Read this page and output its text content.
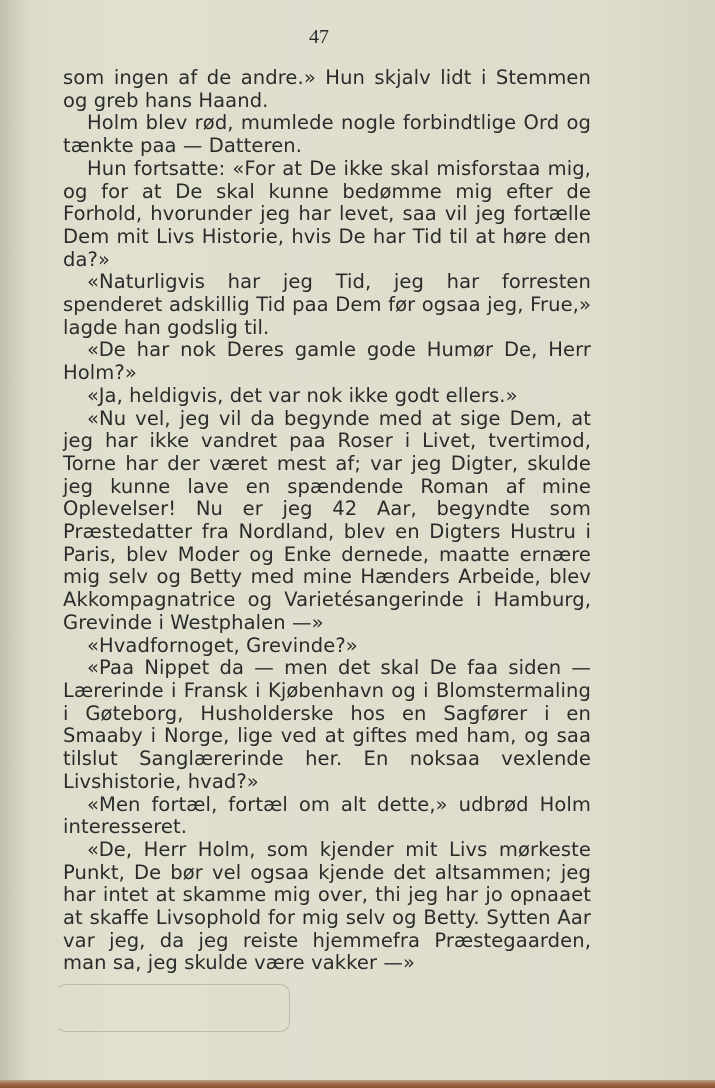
47

som ingen af de andre.» Hun skjalv lidt i Stemmen og greb hans Haand.

Holm blev rød, mumlede nogle forbindtlige Ord og tænkte paa — Datteren.

Hun fortsatte: «For at De ikke skal misforstaa mig, og for at De skal kunne bedømme mig efter de Forhold, hvorunder jeg har levet, saa vil jeg fortælle Dem mit Livs Historie, hvis De har Tid til at høre den da?»

«Naturligvis har jeg Tid, jeg har forresten spenderet adskillig Tid paa Dem før ogsaa jeg, Frue,» lagde han godslig til.

«De har nok Deres gamle gode Humør De, Herr Holm?»

«Ja, heldigvis, det var nok ikke godt ellers.»

«Nu vel, jeg vil da begynde med at sige Dem, at jeg har ikke vandret paa Roser i Livet, tvertimod, Torne har der været mest af; var jeg Digter, skulde jeg kunne lave en spændende Roman af mine Oplevelser! Nu er jeg 42 Aar, begyndte som Præstedatter fra Nordland, blev en Digters Hustru i Paris, blev Moder og Enke dernede, maatte ernære mig selv og Betty med mine Hænders Arbeide, blev Akkompagnatrice og Varietésangerinde i Hamburg, Grevinde i Westphalen —»

«Hvadfornoget, Grevinde?»

«Paa Nippet da — men det skal De faa siden — Lærerinde i Fransk i Kjøbenhavn og i Blomstermaling i Gøteborg, Husholderske hos en Sagfører i en Smaaby i Norge, lige ved at giftes med ham, og saa tilslut Sanglærerinde her. En noksaa vexlende Livshistorie, hvad?»

«Men fortæl, fortæl om alt dette,» udbrød Holm interesseret.

«De, Herr Holm, som kjender mit Livs mørkeste Punkt, De bør vel ogsaa kjende det altsammen; jeg har intet at skamme mig over, thi jeg har jo opnaaet at skaffe Livsophold for mig selv og Betty. Sytten Aar var jeg, da jeg reiste hjemmefra Præstegaarden, man sa, jeg skulde være vakker —»
